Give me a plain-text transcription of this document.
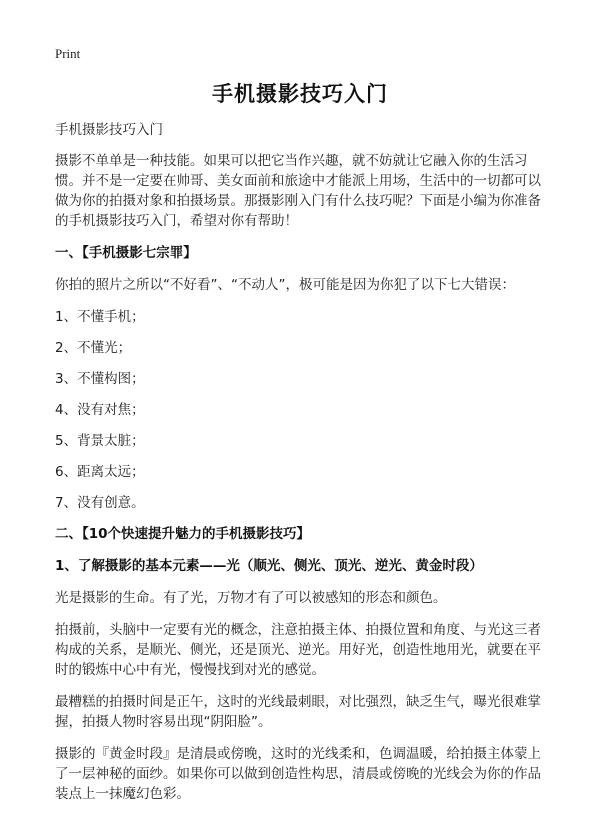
Print
手机摄影技巧入门

手机摄影技巧入门

摄影不单单是一种技能。如果可以把它当作兴趣，就不妨就让它融入你的生活习惯。并不是一定要在帅哥、美女面前和旅途中才能派上用场，生活中的一切都可以做为你的拍摄对象和拍摄场景。那摄影刚入门有什么技巧呢？下面是小编为你准备的手机摄影技巧入门，希望对你有帮助！

一、【手机摄影七宗罪】

你拍的照片之所以“不好看”、“不动人”，极可能是因为你犯了以下七大错误：

1、不懂手机；

2、不懂光；

3、不懂构图；

4、没有对焦；

5、背景太脏；

6、距离太远；

7、没有创意。

二、【10个快速提升魅力的手机摄影技巧】

1、了解摄影的基本元素——光（顺光、侧光、顶光、逆光、黄金时段）

光是摄影的生命。有了光，万物才有了可以被感知的形态和颜色。

拍摄前，头脑中一定要有光的概念，注意拍摄主体、拍摄位置和角度、与光这三者构成的关系，是顺光、侧光，还是顶光、逆光。用好光，创造性地用光，就要在平时的锻炼中心中有光，慢慢找到对光的感觉。

最糟糕的拍摄时间是正午，这时的光线最刺眼，对比强烈，缺乏生气，曝光很难掌握，拍摄人物时容易出现“阴阳脸”。

摄影的『黄金时段』是清晨或傍晚，这时的光线柔和，色调温暖，给拍摄主体蒙上了一层神秘的面纱。如果你可以做到创造性构思，清晨或傍晚的光线会为你的作品装点上一抹魔幻色彩。
